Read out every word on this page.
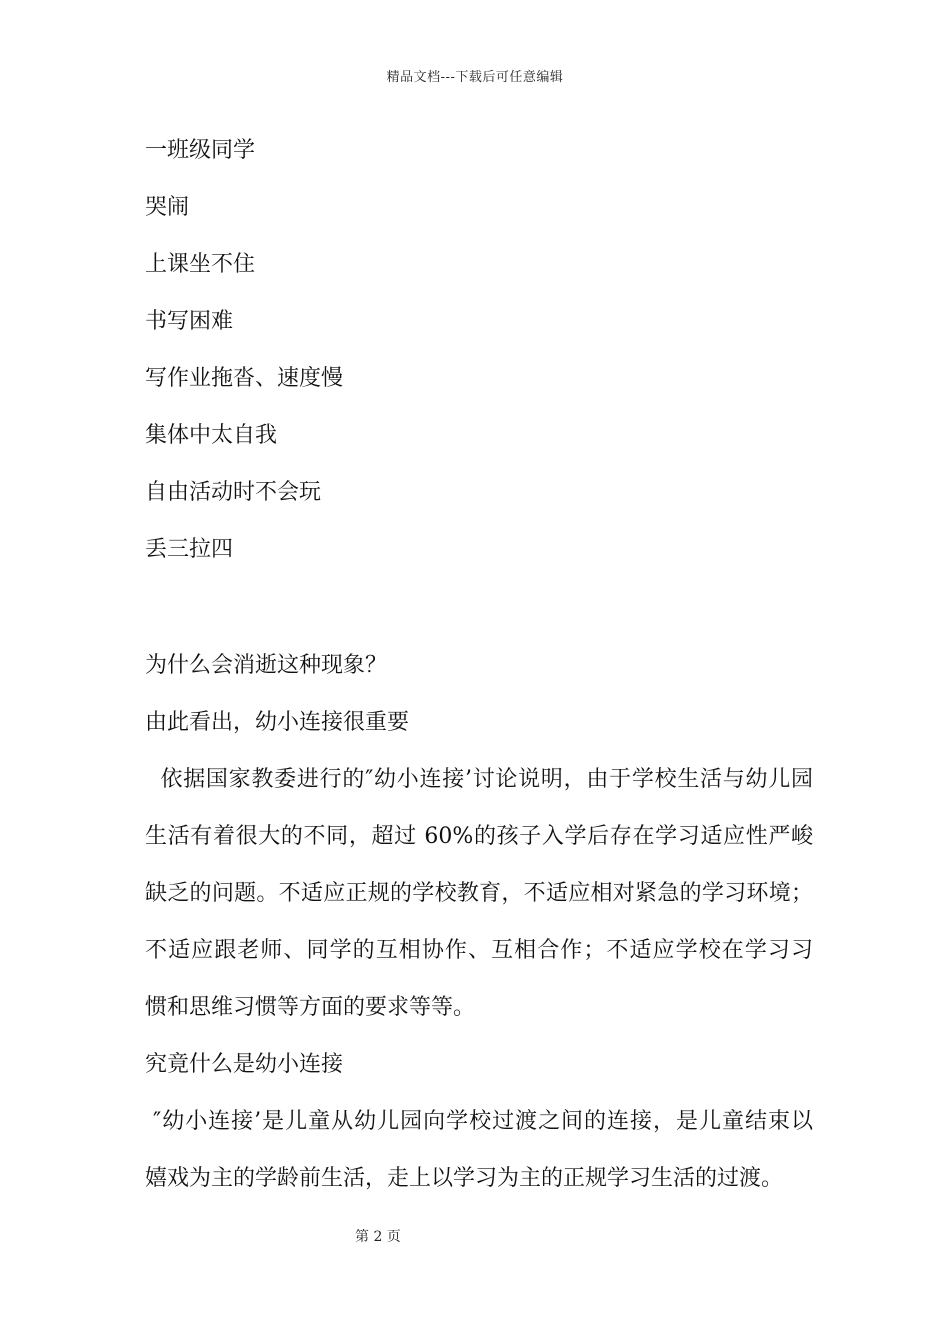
精品文档---下载后可任意编辑
一班级同学
哭闹
上课坐不住
书写困难
写作业拖沓、速度慢
集体中太自我
自由活动时不会玩
丢三拉四
为什么会消逝这种现象？
由此看出，幼小连接很重要
依据国家教委进行的″幼小连接’讨论说明，由于学校生活与幼儿园
生活有着很大的不同，超过 60%的孩子入学后存在学习适应性严峻
缺乏的问题。不适应正规的学校教育，不适应相对紧急的学习环境；
不适应跟老师、同学的互相协作、互相合作；不适应学校在学习习
惯和思维习惯等方面的要求等等。
究竟什么是幼小连接
″幼小连接’是儿童从幼儿园向学校过渡之间的连接，是儿童结束以
嬉戏为主的学龄前生活，走上以学习为主的正规学习生活的过渡。
第 2 页
